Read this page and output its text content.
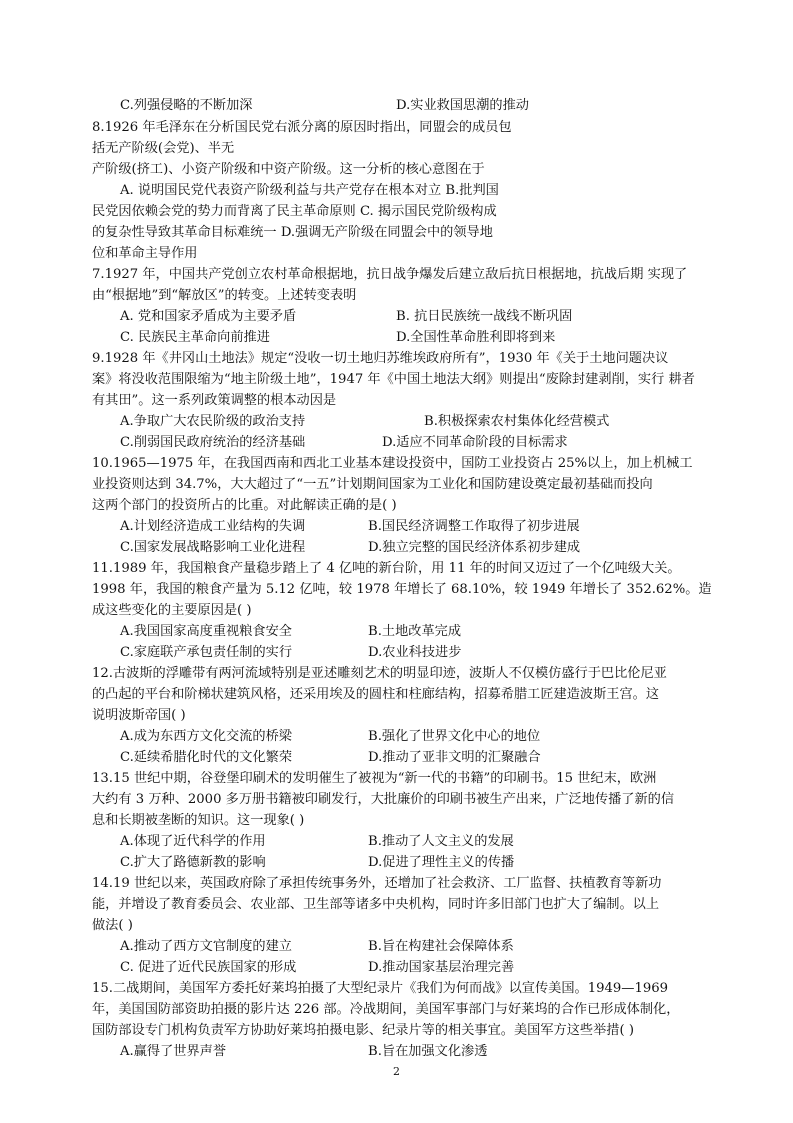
C.列强侵略的不断加深	D.实业救国思潮的推动
8.1926 年毛泽东在分析国民党右派分离的原因时指出，同盟会的成员包
括无产阶级(会党)、半无
产阶级(挤工)、小资产阶级和中资产阶级。这一分析的核心意图在于
A. 说明国民党代表资产阶级利益与共产党存在根本对立 B.批判国
民党因依赖会党的势力而背离了民主革命原则 C. 揭示国民党阶级构成
的复杂性导致其革命目标难统一 D.强调无产阶级在同盟会中的领导地
位和革命主导作用
7.1927 年，中国共产党创立农村革命根据地，抗日战争爆发后建立敌后抗日根据地，抗战后期 实现了
由“根据地”到“解放区”的转变。上述转变表明
A. 党和国家矛盾成为主要矛盾	B. 抗日民族统一战线不断巩固
C. 民族民主革命向前推进	D.全国性革命胜利即将到来
9.1928 年《井冈山土地法》规定“没收一切土地归苏维埃政府所有”，1930 年《关于土地问题决议
案》将没收范围限缩为“地主阶级土地”，1947 年《中国土地法大纲》则提出“废除封建剥削，实行 耕者
有其田”。这一系列政策调整的根本动因是
A.争取广大农民阶级的政治支持	B.积极探索农村集体化经营模式
C.削弱国民政府统治的经济基础	D.适应不同革命阶段的目标需求
10.1965—1975 年，在我国西南和西北工业基本建设投资中，国防工业投资占 25%以上，加上机械工
业投资则达到 34.7%，大大超过了“一五”计划期间国家为工业化和国防建设奠定最初基础而投向
这两个部门的投资所占的比重。对此解读正确的是( )
A.计划经济造成工业结构的失调	B.国民经济调整工作取得了初步进展
C.国家发展战略影响工业化进程	D.独立完整的国民经济体系初步建成
11.1989 年，我国粮食产量稳步踏上了 4 亿吨的新台阶，用 11 年的时间又迈过了一个亿吨级大关。
1998 年，我国的粮食产量为 5.12 亿吨，较 1978 年增长了 68.10%，较 1949 年增长了 352.62%。造
成这些变化的主要原因是( )
A.我国国家高度重视粮食安全	B.土地改革完成
C.家庭联产承包责任制的实行	D.农业科技进步
12.古波斯的浮雕带有两河流域特别是亚述雕刻艺术的明显印迹，波斯人不仅模仿盛行于巴比伦尼亚
的凸起的平台和阶梯状建筑风格，还采用埃及的圆柱和柱廊结构，招募希腊工匠建造波斯王宫。这
说明波斯帝国( )
A.成为东西方文化交流的桥梁	B.强化了世界文化中心的地位
C.延续希腊化时代的文化繁荣	D.推动了亚非文明的汇聚融合
13.15 世纪中期，谷登堡印刷术的发明催生了被视为“新一代的书籍”的印刷书。15 世纪末，欧洲
大约有 3 万种、2000 多万册书籍被印刷发行，大批廉价的印刷书被生产出来，广泛地传播了新的信
息和长期被垄断的知识。这一现象( )
A.体现了近代科学的作用	B.推动了人文主义的发展
C.扩大了路德新教的影响	D.促进了理性主义的传播
14.19 世纪以来，英国政府除了承担传统事务外，还增加了社会救济、工厂监督、扶植教育等新功
能，并增设了教育委员会、农业部、卫生部等诸多中央机构，同时许多旧部门也扩大了编制。以上
做法( )
A.推动了西方文官制度的建立	B.旨在构建社会保障体系
C. 促进了近代民族国家的形成	D.推动国家基层治理完善
15.二战期间，美国军方委托好莱坞拍摄了大型纪录片《我们为何而战》以宣传美国。1949—1969
年，美国国防部资助拍摄的影片达 226 部。冷战期间，美国军事部门与好莱坞的合作已形成体制化，
国防部设专门机构负责军方协助好莱坞拍摄电影、纪录片等的相关事宜。美国军方这些举措( )
A.赢得了世界声誉	B.旨在加强文化渗透
2
